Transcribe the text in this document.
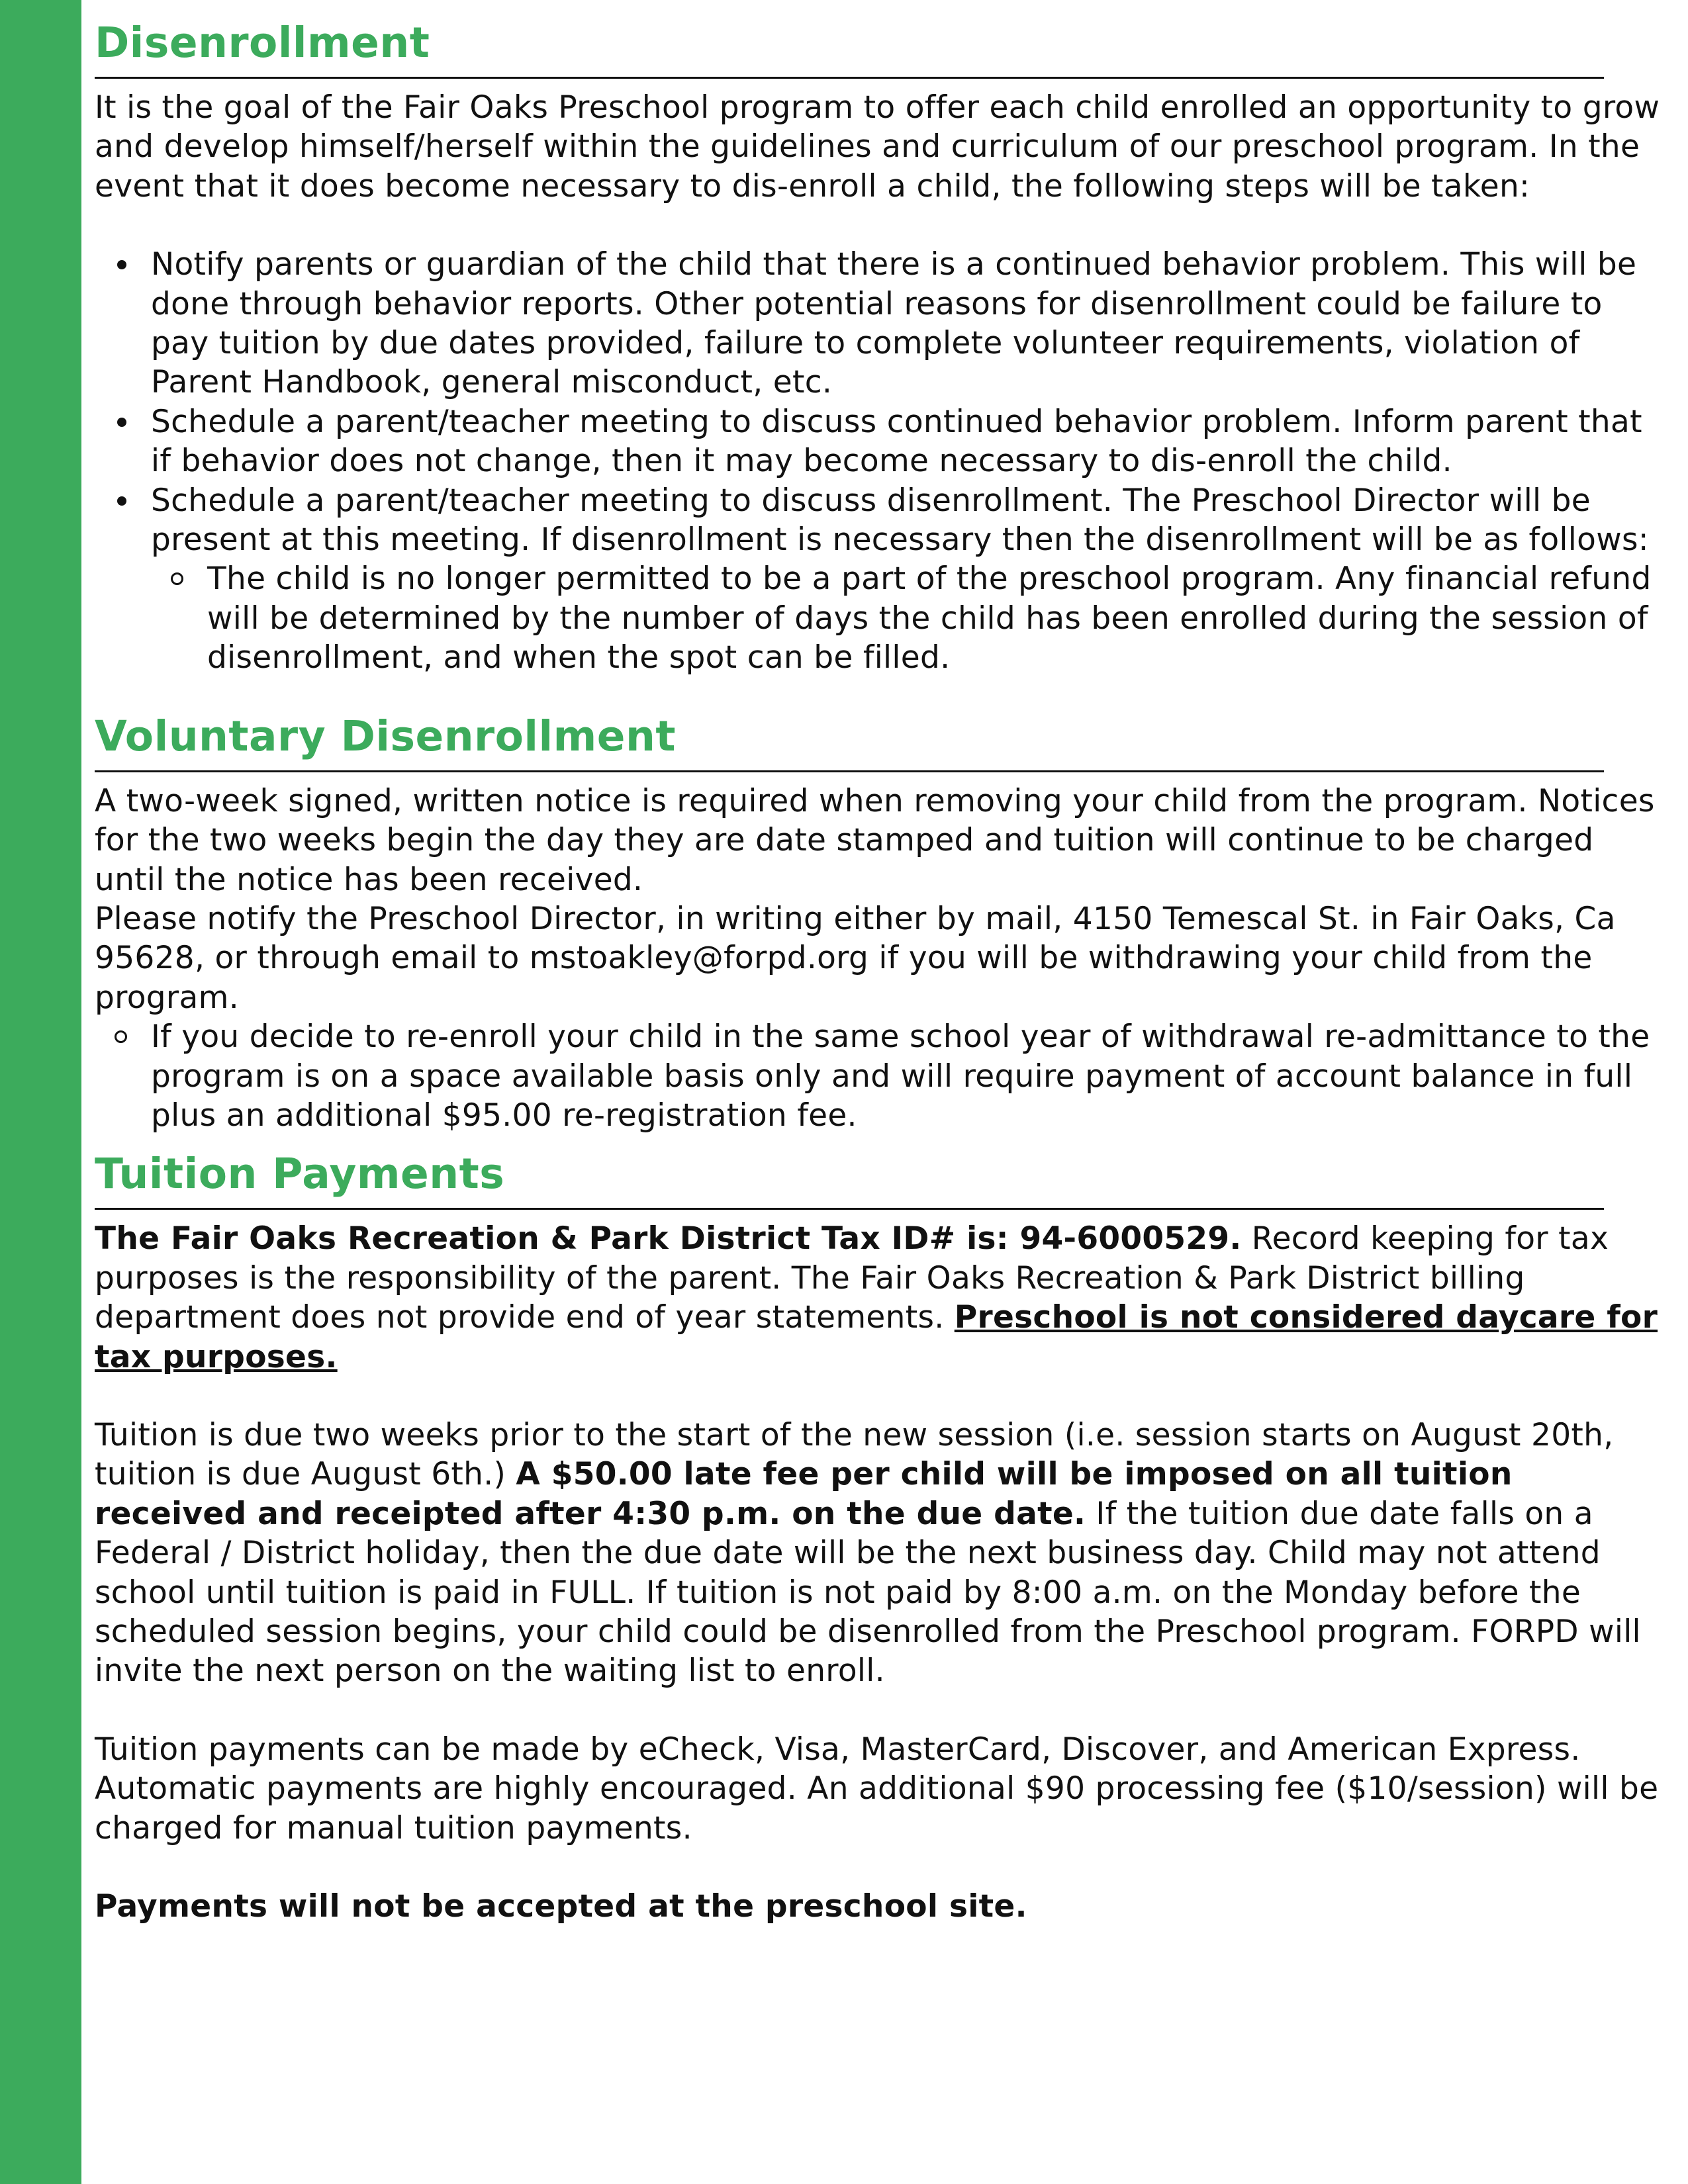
Disenrollment

It is the goal of the Fair Oaks Preschool program to offer each child enrolled an opportunity to grow and develop himself/herself within the guidelines and curriculum of our preschool program. In the event that it does become necessary to dis-enroll a child, the following steps will be taken:

Notify parents or guardian of the child that there is a continued behavior problem. This will be done through behavior reports. Other potential reasons for disenrollment could be failure to pay tuition by due dates provided, failure to complete volunteer requirements, violation of Parent Handbook, general misconduct, etc.
Schedule a parent/teacher meeting to discuss continued behavior problem. Inform parent that if behavior does not change, then it may become necessary to dis-enroll the child.
Schedule a parent/teacher meeting to discuss disenrollment. The Preschool Director will be present at this meeting. If disenrollment is necessary then the disenrollment will be as follows:
The child is no longer permitted to be a part of the preschool program. Any financial refund will be determined by the number of days the child has been enrolled during the session of disenrollment, and when the spot can be filled.
Voluntary Disenrollment

A two-week signed, written notice is required when removing your child from the program. Notices for the two weeks begin the day they are date stamped and tuition will continue to be charged until the notice has been received.

Please notify the Preschool Director, in writing either by mail, 4150 Temescal St. in Fair Oaks, Ca 95628, or through email to mstoakley@forpd.org if you will be withdrawing your child from the program.

If you decide to re-enroll your child in the same school year of withdrawal re-admittance to the program is on a space available basis only and will require payment of account balance in full plus an additional $95.00 re-registration fee.
Tuition Payments

The Fair Oaks Recreation & Park District Tax ID# is: 94-6000529. Record keeping for tax purposes is the responsibility of the parent. The Fair Oaks Recreation & Park District billing department does not provide end of year statements. Preschool is not considered daycare for tax purposes.

Tuition is due two weeks prior to the start of the new session (i.e. session starts on August 20th, tuition is due August 6th.) A $50.00 late fee per child will be imposed on all tuition received and receipted after 4:30 p.m. on the due date. If the tuition due date falls on a Federal / District holiday, then the due date will be the next business day. Child may not attend school until tuition is paid in FULL. If tuition is not paid by 8:00 a.m. on the Monday before the scheduled session begins, your child could be disenrolled from the Preschool program. FORPD will invite the next person on the waiting list to enroll.

Tuition payments can be made by eCheck, Visa, MasterCard, Discover, and American Express. Automatic payments are highly encouraged. An additional $90 processing fee ($10/session) will be charged for manual tuition payments.

Payments will not be accepted at the preschool site.
